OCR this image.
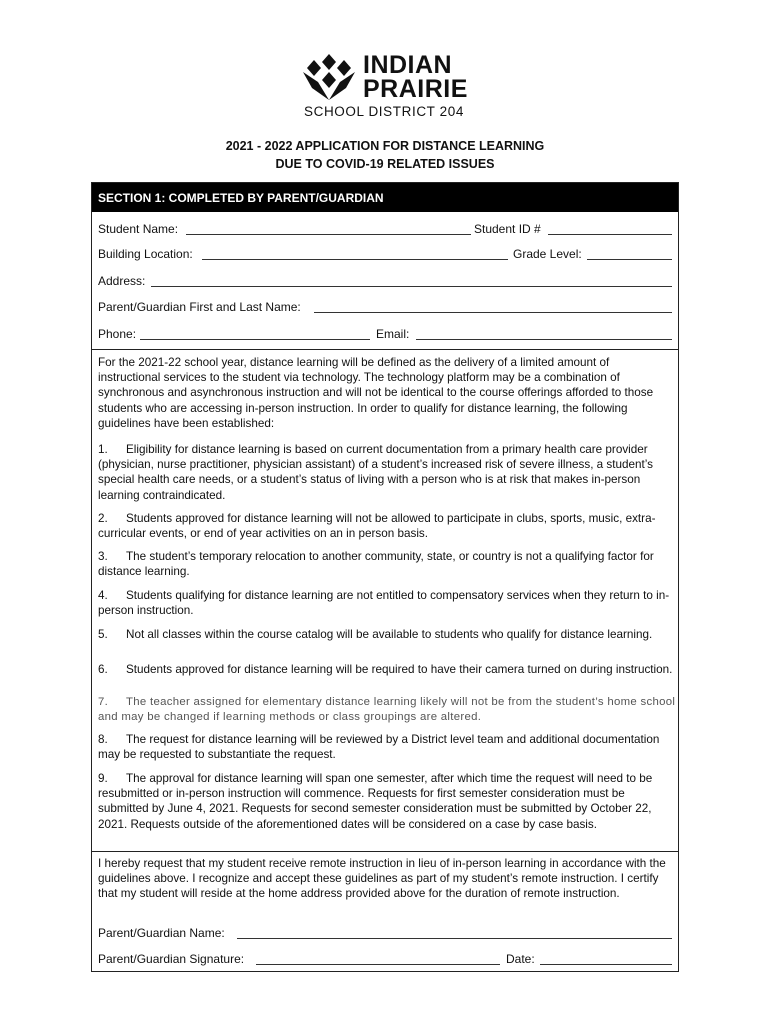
INDIAN
PRAIRIE
SCHOOL DISTRICT 204
2021 - 2022 APPLICATION FOR DISTANCE LEARNING
DUE TO COVID-19 RELATED ISSUES
SECTION 1: COMPLETED BY PARENT/GUARDIAN
Student Name:	Student ID #
Building Location:	Grade Level:
Address:
Parent/Guardian First and Last Name:
Phone:	Email:
For the 2021-22 school year, distance learning will be defined as the delivery of a limited amount of instructional services to the student via technology. The technology platform may be a combination of synchronous and asynchronous instruction and will not be identical to the course offerings afforded to those students who are accessing in-person instruction. In order to qualify for distance learning, the following guidelines have been established:
1. Eligibility for distance learning is based on current documentation from a primary health care provider (physician, nurse practitioner, physician assistant) of a student’s increased risk of severe illness, a student’s special health care needs, or a student’s status of living with a person who is at risk that makes in-person learning contraindicated.
2. Students approved for distance learning will not be allowed to participate in clubs, sports, music, extra-curricular events, or end of year activities on an in person basis.
3. The student’s temporary relocation to another community, state, or country is not a qualifying factor for distance learning.
4. Students qualifying for distance learning are not entitled to compensatory services when they return to in-person instruction.
5. Not all classes within the course catalog will be available to students who qualify for distance learning.
6. Students approved for distance learning will be required to have their camera turned on during instruction.
7. The teacher assigned for elementary distance learning likely will not be from the student’s home school and may be changed if learning methods or class groupings are altered.
8. The request for distance learning will be reviewed by a District level team and additional documentation may be requested to substantiate the request.
9. The approval for distance learning will span one semester, after which time the request will need to be resubmitted or in-person instruction will commence. Requests for first semester consideration must be submitted by June 4, 2021. Requests for second semester consideration must be submitted by October 22, 2021. Requests outside of the aforementioned dates will be considered on a case by case basis.
I hereby request that my student receive remote instruction in lieu of in-person learning in accordance with the guidelines above. I recognize and accept these guidelines as part of my student’s remote instruction. I certify that my student will reside at the home address provided above for the duration of remote instruction.
Parent/Guardian Name:
Parent/Guardian Signature:	Date:
